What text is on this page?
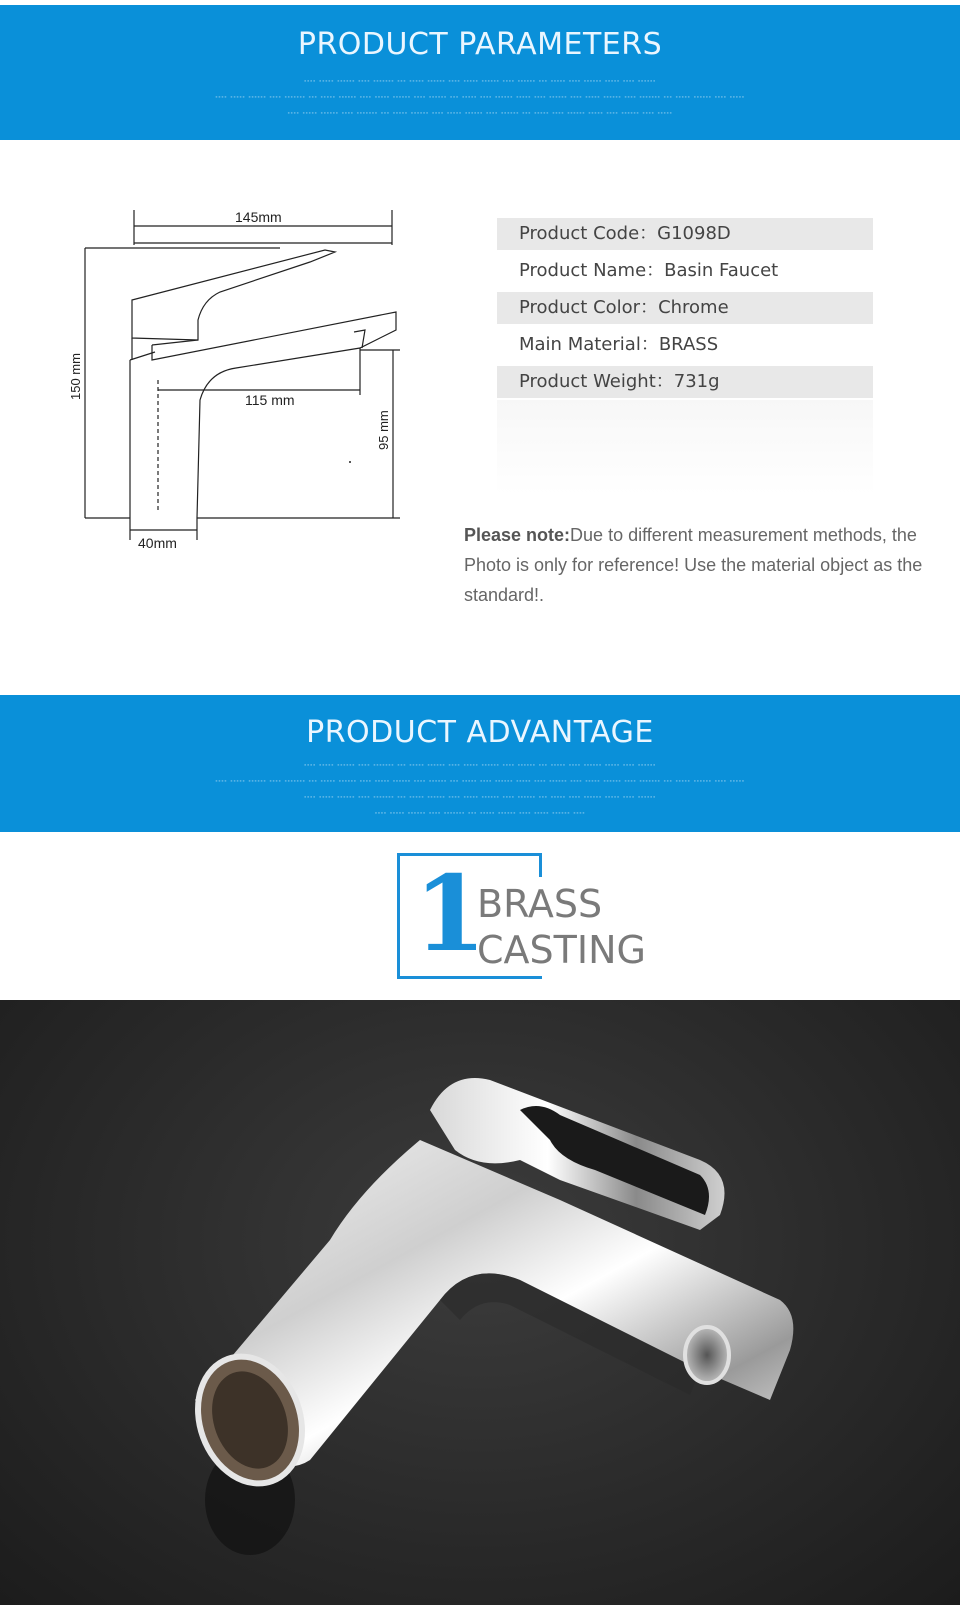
PRODUCT PARAMETERS
▪▪▪▪ ▪▪▪▪▪ ▪▪▪▪▪▪ ▪▪▪▪ ▪▪▪▪▪▪▪ ▪▪▪ ▪▪▪▪▪ ▪▪▪▪▪▪ ▪▪▪▪ ▪▪▪▪▪ ▪▪▪▪▪▪ ▪▪▪▪ ▪▪▪▪▪▪ ▪▪▪ ▪▪▪▪▪ ▪▪▪▪ ▪▪▪▪▪▪ ▪▪▪▪▪ ▪▪▪▪ ▪▪▪▪▪▪
▪▪▪▪ ▪▪▪▪▪ ▪▪▪▪▪▪ ▪▪▪▪ ▪▪▪▪▪▪▪ ▪▪▪ ▪▪▪▪▪ ▪▪▪▪▪▪ ▪▪▪▪ ▪▪▪▪▪ ▪▪▪▪▪▪ ▪▪▪▪ ▪▪▪▪▪▪ ▪▪▪ ▪▪▪▪▪ ▪▪▪▪ ▪▪▪▪▪▪ ▪▪▪▪▪ ▪▪▪▪ ▪▪▪▪▪▪ ▪▪▪▪ ▪▪▪▪▪ ▪▪▪▪▪▪ ▪▪▪▪ ▪▪▪▪▪▪▪ ▪▪▪ ▪▪▪▪▪ ▪▪▪▪▪▪ ▪▪▪▪ ▪▪▪▪▪
▪▪▪▪ ▪▪▪▪▪ ▪▪▪▪▪▪ ▪▪▪▪ ▪▪▪▪▪▪▪ ▪▪▪ ▪▪▪▪▪ ▪▪▪▪▪▪ ▪▪▪▪ ▪▪▪▪▪ ▪▪▪▪▪▪ ▪▪▪▪ ▪▪▪▪▪▪ ▪▪▪ ▪▪▪▪▪ ▪▪▪▪ ▪▪▪▪▪▪ ▪▪▪▪▪ ▪▪▪▪ ▪▪▪▪▪▪ ▪▪▪▪ ▪▪▪▪▪
145mm
150 mm	115 mm
95 mm
40mm
Product Code：G1098D
Product Name：Basin Faucet
Product Color：Chrome
Main Material：BRASS
Product Weight：731g
Please note:Due to different measurement methods, the Photo is only for reference! Use the material object as the standard!.
PRODUCT ADVANTAGE
▪▪▪▪ ▪▪▪▪▪ ▪▪▪▪▪▪ ▪▪▪▪ ▪▪▪▪▪▪▪ ▪▪▪ ▪▪▪▪▪ ▪▪▪▪▪▪ ▪▪▪▪ ▪▪▪▪▪ ▪▪▪▪▪▪ ▪▪▪▪ ▪▪▪▪▪▪ ▪▪▪ ▪▪▪▪▪ ▪▪▪▪ ▪▪▪▪▪▪ ▪▪▪▪▪ ▪▪▪▪ ▪▪▪▪▪▪
▪▪▪▪ ▪▪▪▪▪ ▪▪▪▪▪▪ ▪▪▪▪ ▪▪▪▪▪▪▪ ▪▪▪ ▪▪▪▪▪ ▪▪▪▪▪▪ ▪▪▪▪ ▪▪▪▪▪ ▪▪▪▪▪▪ ▪▪▪▪ ▪▪▪▪▪▪ ▪▪▪ ▪▪▪▪▪ ▪▪▪▪ ▪▪▪▪▪▪ ▪▪▪▪▪ ▪▪▪▪ ▪▪▪▪▪▪ ▪▪▪▪ ▪▪▪▪▪ ▪▪▪▪▪▪ ▪▪▪▪ ▪▪▪▪▪▪▪ ▪▪▪ ▪▪▪▪▪ ▪▪▪▪▪▪ ▪▪▪▪ ▪▪▪▪▪
▪▪▪▪ ▪▪▪▪▪ ▪▪▪▪▪▪ ▪▪▪▪ ▪▪▪▪▪▪▪ ▪▪▪ ▪▪▪▪▪ ▪▪▪▪▪▪ ▪▪▪▪ ▪▪▪▪▪ ▪▪▪▪▪▪ ▪▪▪▪ ▪▪▪▪▪▪ ▪▪▪ ▪▪▪▪▪ ▪▪▪▪ ▪▪▪▪▪▪ ▪▪▪▪▪ ▪▪▪▪ ▪▪▪▪▪▪
▪▪▪▪ ▪▪▪▪▪ ▪▪▪▪▪▪ ▪▪▪▪ ▪▪▪▪▪▪▪ ▪▪▪ ▪▪▪▪▪ ▪▪▪▪▪▪ ▪▪▪▪ ▪▪▪▪▪ ▪▪▪▪▪▪ ▪▪▪▪
1
BRASS
CASTING
